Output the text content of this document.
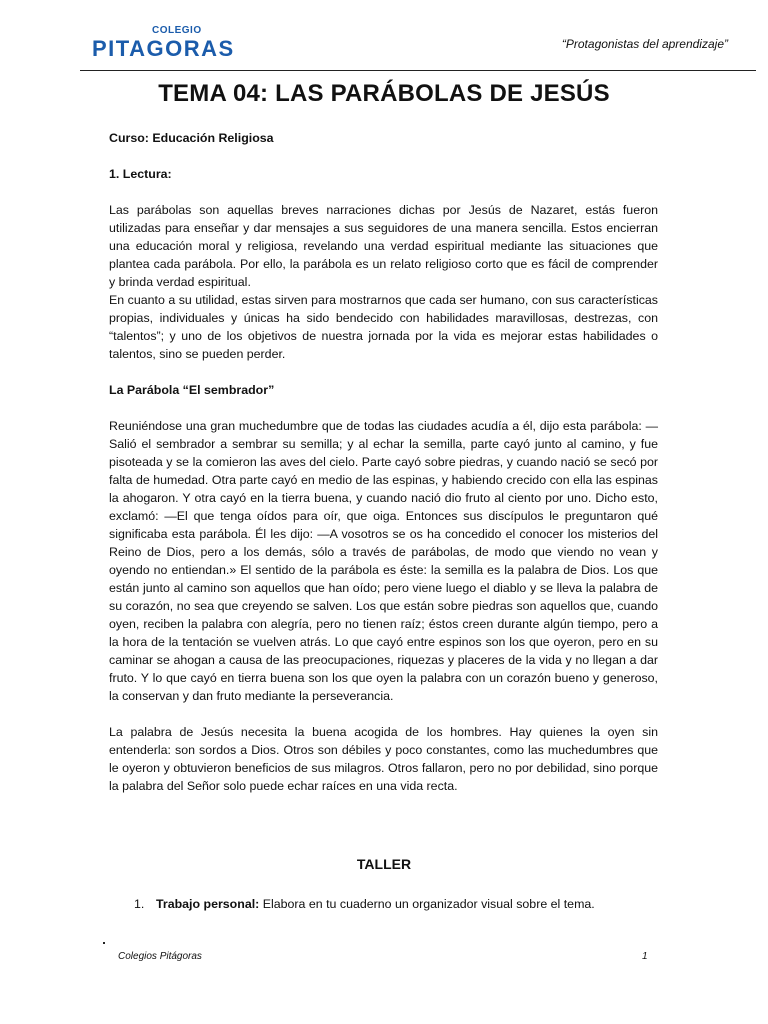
COLEGIO
PITAGORAS	“Protagonistas del aprendizaje”
TEMA 04: LAS PARÁBOLAS DE JESÚS

Curso: Educación Religiosa

1. Lectura:

Las parábolas son aquellas breves narraciones dichas por Jesús de Nazaret, estás fueron utilizadas para enseñar y dar mensajes a sus seguidores de una manera sencilla. Estos encierran una educación moral y religiosa, revelando una verdad espiritual mediante las situaciones que plantea cada parábola. Por ello, la parábola es un relato religioso corto que es fácil de comprender y brinda verdad espiritual.

En cuanto a su utilidad, estas sirven para mostrarnos que cada ser humano, con sus características propias, individuales y únicas ha sido bendecido con habilidades maravillosas, destrezas, con “talentos”; y uno de los objetivos de nuestra jornada por la vida es mejorar estas habilidades o talentos, sino se pueden perder.

La Parábola “El sembrador”

Reuniéndose una gran muchedumbre que de todas las ciudades acudía a él, dijo esta parábola: —Salió el sembrador a sembrar su semilla; y al echar la semilla, parte cayó junto al camino, y fue pisoteada y se la comieron las aves del cielo. Parte cayó sobre piedras, y cuando nació se secó por falta de humedad. Otra parte cayó en medio de las espinas, y habiendo crecido con ella las espinas la ahogaron. Y otra cayó en la tierra buena, y cuando nació dio fruto al ciento por uno. Dicho esto, exclamó: —El que tenga oídos para oír, que oiga. Entonces sus discípulos le preguntaron qué significaba esta parábola. Él les dijo: —A vosotros se os ha concedido el conocer los misterios del Reino de Dios, pero a los demás, sólo a través de parábolas, de modo que viendo no vean y oyendo no entiendan.» El sentido de la parábola es éste: la semilla es la palabra de Dios. Los que están junto al camino son aquellos que han oído; pero viene luego el diablo y se lleva la palabra de su corazón, no sea que creyendo se salven. Los que están sobre piedras son aquellos que, cuando oyen, reciben la palabra con alegría, pero no tienen raíz; éstos creen durante algún tiempo, pero a la hora de la tentación se vuelven atrás. Lo que cayó entre espinos son los que oyeron, pero en su caminar se ahogan a causa de las preocupaciones, riquezas y placeres de la vida y no llegan a dar fruto. Y lo que cayó en tierra buena son los que oyen la palabra con un corazón bueno y generoso, la conservan y dan fruto mediante la perseverancia.

La palabra de Jesús necesita la buena acogida de los hombres. Hay quienes la oyen sin entenderla: son sordos a Dios. Otros son débiles y poco constantes, como las muchedumbres que le oyeron y obtuvieron beneficios de sus milagros. Otros fallaron, pero no por debilidad, sino porque la palabra del Señor solo puede echar raíces en una vida recta.

TALLER
1. Trabajo personal: Elabora en tu cuaderno un organizador visual sobre el tema.
Colegios Pitágoras	1
